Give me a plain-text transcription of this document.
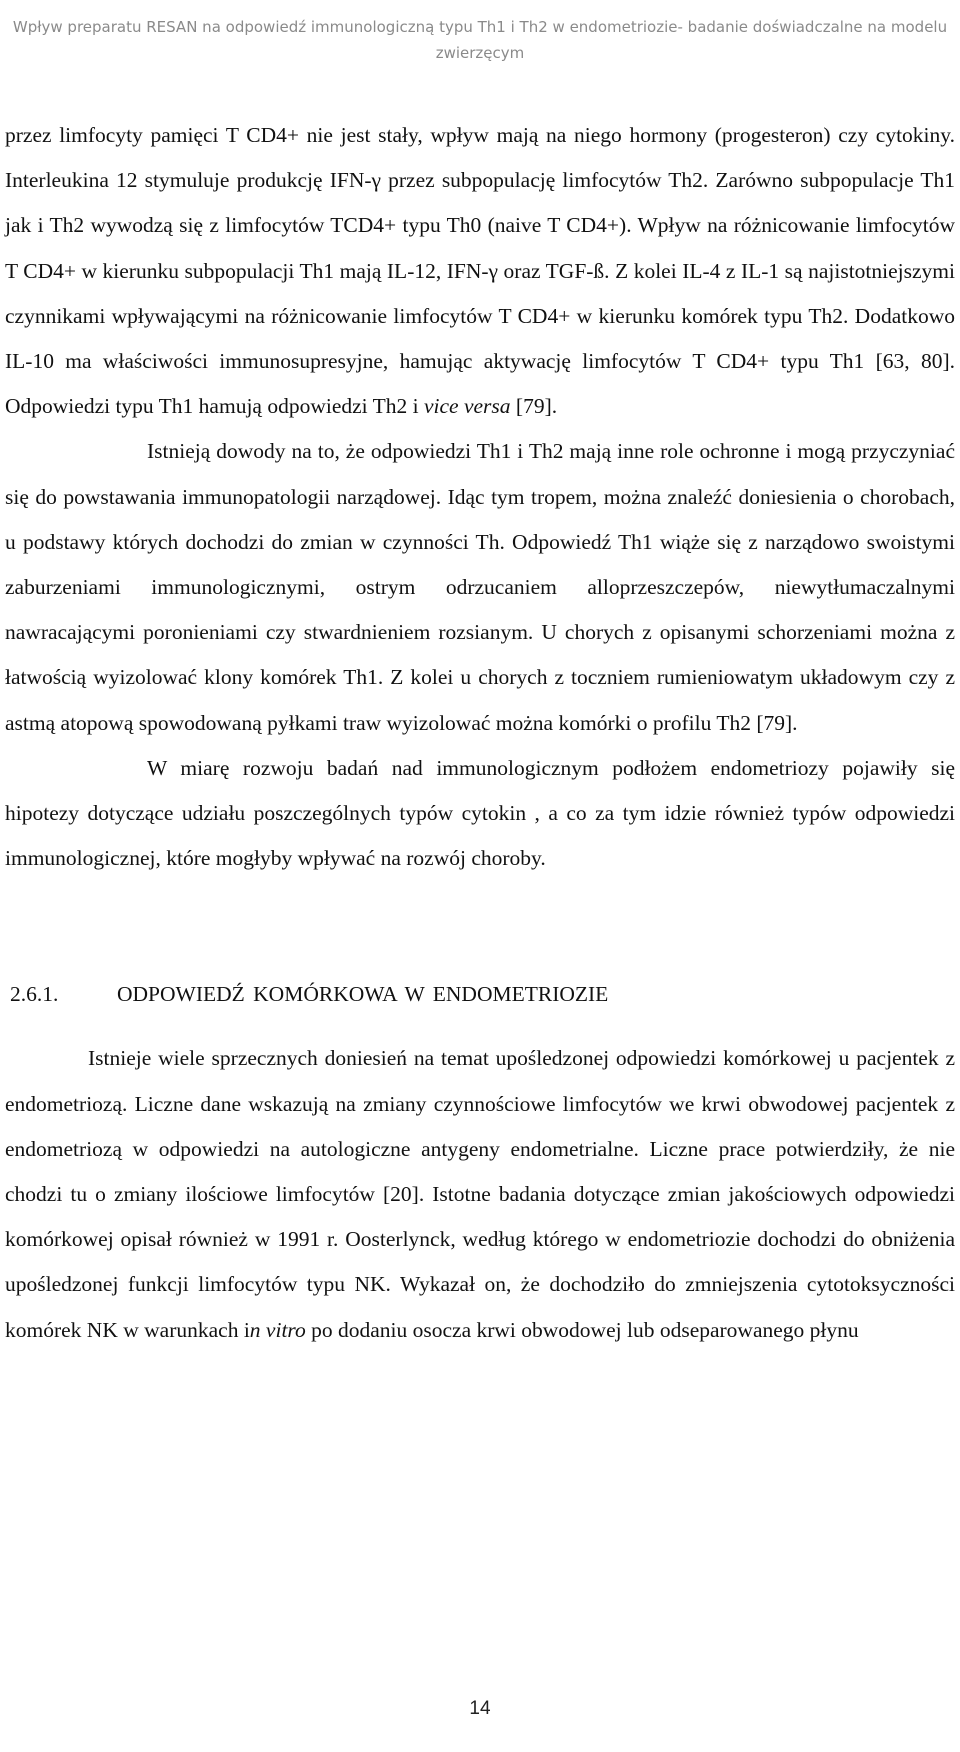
Wpływ preparatu RESAN na odpowiedź immunologiczną typu Th1 i Th2 w endometriozie- badanie doświadczalne na modelu
zwierzęcym

przez limfocyty pamięci T CD4+ nie jest stały, wpływ mają na niego hormony (progesteron) czy cytokiny. Interleukina 12 stymuluje produkcję IFN-γ przez subpopulację limfocytów Th2. Zarówno subpopulacje Th1 jak i Th2 wywodzą się z limfocytów TCD4+ typu Th0 (naive T CD4+). Wpływ na różnicowanie limfocytów T CD4+ w kierunku subpopulacji Th1 mają IL-12, IFN-γ oraz TGF-ß. Z kolei IL-4 z IL-1 są najistotniejszymi czynnikami wpływającymi na różnicowanie limfocytów T CD4+ w kierunku komórek typu Th2. Dodatkowo IL-10 ma właściwości immunosupresyjne, hamując aktywację limfocytów T CD4+ typu Th1 [63, 80]. Odpowiedzi typu Th1 hamują odpowiedzi Th2 i vice versa [79].

Istnieją dowody na to, że odpowiedzi Th1 i Th2 mają inne role ochronne i mogą przyczyniać się do powstawania immunopatologii narządowej. Idąc tym tropem, można znaleźć doniesienia o chorobach, u podstawy których dochodzi do zmian w czynności Th. Odpowiedź Th1 wiąże się z narządowo swoistymi zaburzeniami immunologicznymi, ostrym odrzucaniem alloprzeszczepów, niewytłumaczalnymi nawracającymi poronieniami czy stwardnieniem rozsianym. U chorych z opisanymi schorzeniami można z łatwością wyizolować klony komórek Th1. Z kolei u chorych z toczniem rumieniowatym układowym czy z astmą atopową spowodowaną pyłkami traw wyizolować można komórki o profilu Th2 [79].

W miarę rozwoju badań nad immunologicznym podłożem endometriozy pojawiły się hipotezy dotyczące udziału poszczególnych typów cytokin , a co za tym idzie również typów odpowiedzi immunologicznej, które mogłyby wpływać na rozwój choroby.

2.6.1.	ODPOWIEDŹ KOMÓRKOWA W ENDOMETRIOZIE

Istnieje wiele sprzecznych doniesień na temat upośledzonej odpowiedzi komórkowej u pacjentek z endometriozą. Liczne dane wskazują na zmiany czynnościowe limfocytów we krwi obwodowej pacjentek z endometriozą w odpowiedzi na autologiczne antygeny endometrialne. Liczne prace potwierdziły, że nie chodzi tu o zmiany ilościowe limfocytów [20]. Istotne badania dotyczące zmian jakościowych odpowiedzi komórkowej opisał również w 1991 r. Oosterlynck, według którego w endometriozie dochodzi do obniżenia upośledzonej funkcji limfocytów typu NK. Wykazał on, że dochodziło do zmniejszenia cytotoksyczności komórek NK w warunkach in vitro po dodaniu osocza krwi obwodowej lub odseparowanego płynu

14
